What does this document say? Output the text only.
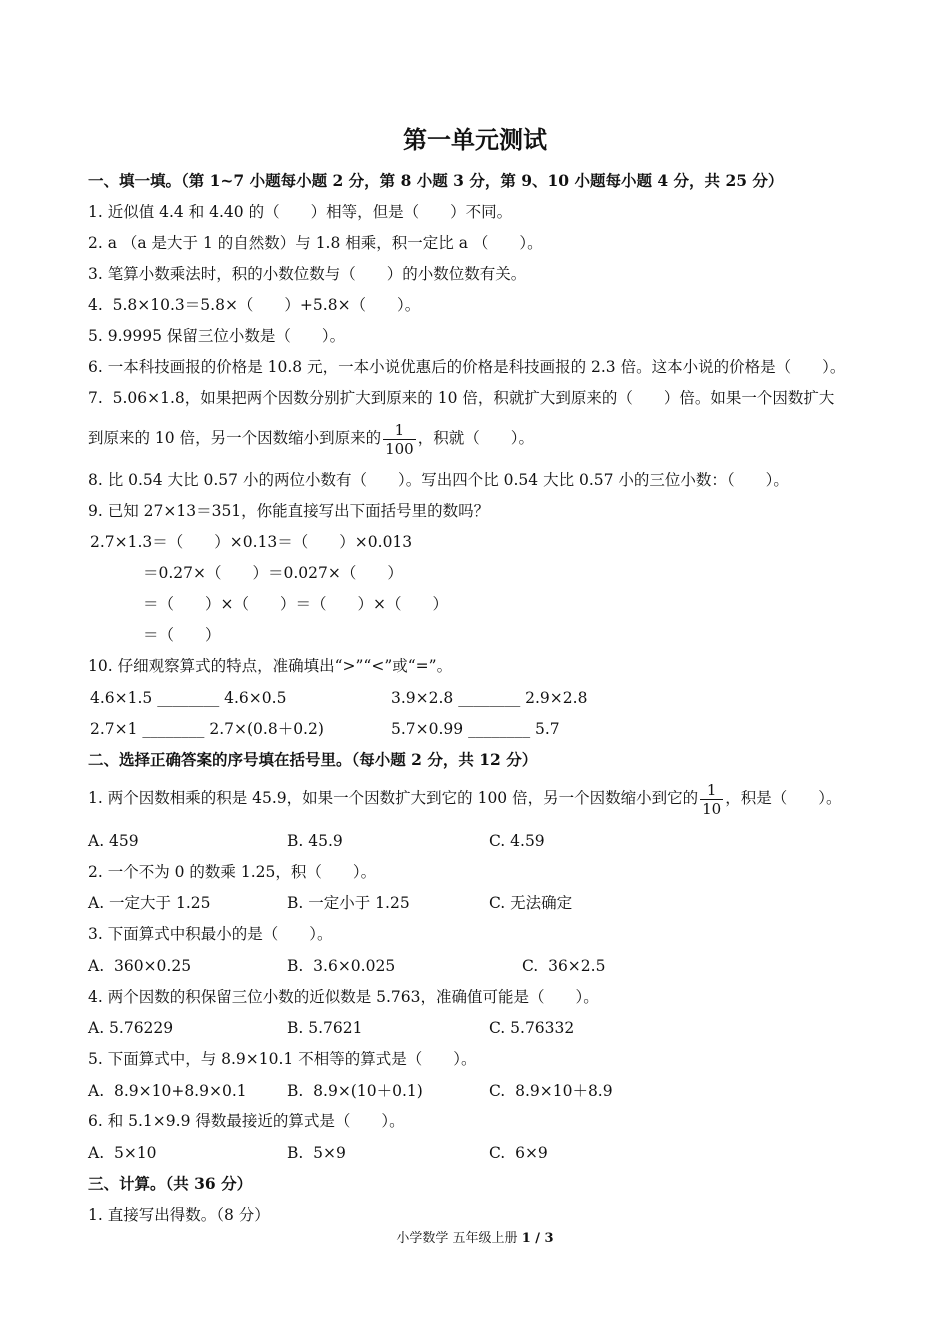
第一单元测试
一、填一填。（第 1~7 小题每小题 2 分，第 8 小题 3 分，第 9、10 小题每小题 4 分，共 25 分）
1. 近似值 4.4 和 4.40 的（　　）相等，但是（　　）不同。
2. a （a 是大于 1 的自然数）与 1.8 相乘，积一定比 a （　　）。
3. 笔算小数乘法时，积的小数位数与（　　）的小数位数有关。
4.  5.8×10.3＝5.8×（　　）+5.8×（　　）。
5. 9.9995 保留三位小数是（　　）。
6. 一本科技画报的价格是 10.8 元，一本小说优惠后的价格是科技画报的 2.3 倍。这本小说的价格是（　　）。
7.  5.06×1.8，如果把两个因数分别扩大到原来的 10 倍，积就扩大到原来的（　　）倍。如果一个因数扩大
到原来的 10 倍，另一个因数缩小到原来的 $\frac{1}{100}$ ，积就（　　）。
8. 比 0.54 大比 0.57 小的两位小数有（　　）。写出四个比 0.54 大比 0.57 小的三位小数：（　　）。
9. 已知 27×13＝351，你能直接写出下面括号里的数吗？
2.7×1.3＝（　　）×0.13＝（　　）×0.013
＝0.27×（　　）＝0.027×（　　）
＝（　　）×（　　）＝（　　）×（　　）
＝（　　）
10. 仔细观察算式的特点，准确填出“>”“<”或“=”。
4.6×1.5 ________ 4.6×0.5	3.9×2.8 ________ 2.9×2.8
2.7×1 ________ 2.7×(0.8＋0.2)	5.7×0.99 ________ 5.7
二、选择正确答案的序号填在括号里。（每小题 2 分，共 12 分）
1. 两个因数相乘的积是 45.9，如果一个因数扩大到它的 100 倍，另一个因数缩小到它的 $\frac{1}{10}$ ，积是（　　）。
A. 459	B. 45.9	C. 4.59
2. 一个不为 0 的数乘 1.25，积（　　）。
A. 一定大于 1.25	B. 一定小于 1.25	C. 无法确定
3. 下面算式中积最小的是（　　）。
A.  360×0.25	B.  3.6×0.025	C.  36×2.5
4. 两个因数的积保留三位小数的近似数是 5.763，准确值可能是（　　）。
A. 5.76229	B. 5.7621	C. 5.76332
5. 下面算式中，与 8.9×10.1 不相等的算式是（　　）。
A.  8.9×10+8.9×0.1	B.  8.9×(10＋0.1)	C.  8.9×10＋8.9
6. 和 5.1×9.9 得数最接近的算式是（　　）。
A.  5×10	B.  5×9	C.  6×9
三、计算。（共 36 分）
1. 直接写出得数。（8 分）
小学数学 五年级上册 1 / 3
